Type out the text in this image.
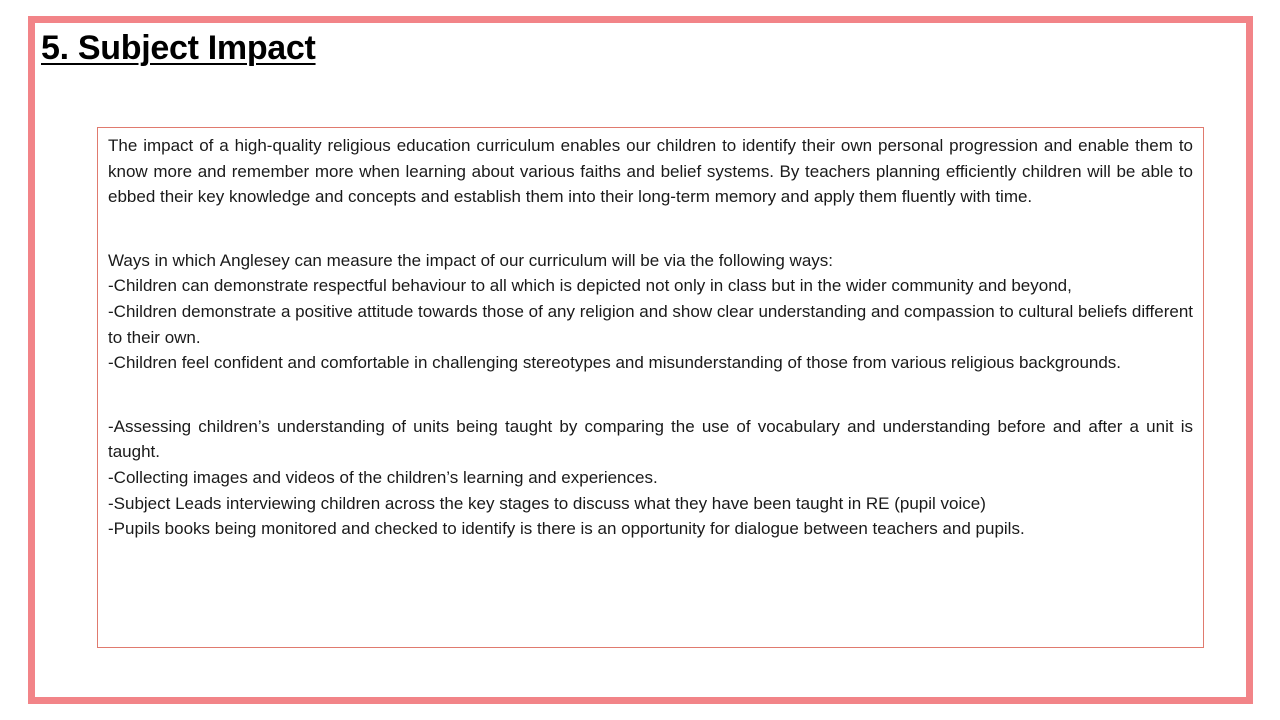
5. Subject Impact

The impact of a high-quality religious education curriculum enables our children to identify their own personal progression and enable them to know more and remember more when learning about various faiths and belief systems. By teachers planning efficiently children will be able to ebbed their key knowledge and concepts and establish them into their long-term memory and apply them fluently with time.

Ways in which Anglesey can measure the impact of our curriculum will be via the following ways:

-Children can demonstrate respectful behaviour to all which is depicted not only in class but in the wider community and beyond,

-Children demonstrate a positive attitude towards those of any religion and show clear understanding and compassion to cultural beliefs different to their own.

-Children feel confident and comfortable in challenging stereotypes and misunderstanding of those from various religious backgrounds.

-Assessing children’s understanding of units being taught by comparing the use of vocabulary and understanding before and after a unit is taught.

-Collecting images and videos of the children’s learning and experiences.

-Subject Leads interviewing children across the key stages to discuss what they have been taught in RE (pupil voice)

-Pupils books being monitored and checked to identify is there is an opportunity for dialogue between teachers and pupils.
